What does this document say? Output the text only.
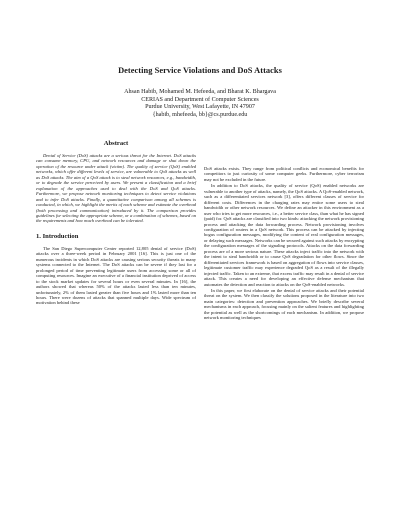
Detecting Service Violations and DoS Attacks
Ahsan Habib, Mohamed M. Hefeeda, and Bharat K. Bhargava
CERIAS and Department of Computer Sciences
Purdue University, West Lafayette, IN 47907
{habib, mhefeeda, bb}@cs.purdue.edu
Abstract

Denial of Service (DoS) attacks are a serious threat for the Internet. DoS attacks can consume memory, CPU, and network resources and damage or shut down the operation of the resource under attack (victim). The quality of service (QoS) enabled networks, which offer different levels of service, are vulnerable to QoS attacks as well as DoS attacks. The aim of a QoS attack is to steal network resources, e.g., bandwidth, or to degrade the service perceived by users. We present a classification and a brief explanation of the approaches used to deal with the DoS and QoS attacks. Furthermore, we propose network monitoring techniques to detect service violations and to infer DoS attacks. Finally, a quantitative comparison among all schemes is conducted, in which, we highlight the merits of each scheme and estimate the overhead (both processing and communication) introduced by it. The comparison provides guidelines for selecting the appropriate scheme, or a combination of schemes, based on the requirements and how much overhead can be tolerated.

1. Introduction

The San Diego Supercomputer Center reported 12,805 denial of service (DoS) attacks over a three-week period in February 2001 [16]. This is just one of the numerous incidents in which DoS attacks are causing serious security threats to many systems connected to the Internet. The DoS attacks can be severe if they last for a prolonged period of time preventing legitimate users from accessing some or all of computing resources. Imagine an executive of a financial institution deprived of access to the stock market updates for several hours or even several minutes. In [16], the authors showed that whereas 50% of the attacks lasted less than ten minutes, unfortunately, 2% of them lasted greater than five hours and 1% lasted more than ten hours. There were dozens of attacks that spanned multiple days. Wide spectrum of motivation behind these

DoS attacks exists. They range from political conflicts and economical benefits for competitors to just curiosity of some computer geeks. Furthermore, cyber terrorism may not be excluded in the future.

In addition to DoS attacks, the quality of service (QoS) enabled networks are vulnerable to another type of attacks, namely, the QoS attacks. A QoS-enabled network, such as a differentiated services network [3], offers different classes of service for different costs. Differences in the charging rates may entice some users to steal bandwidth or other network resources. We define an attacker in this environment as a user who tries to get more resources, i.e., a better service class, than what he has signed (paid) for. QoS attacks are classified into two kinds: attacking the network provisioning process and attacking the data forwarding process. Network provisioning involves configuration of routers in a QoS network. This process can be attacked by injecting bogus configuration messages, modifying the content of real configuration messages, or delaying such messages. Networks can be secured against such attacks by encrypting the configuration messages of the signaling protocols. Attacks on the data forwarding process are of a more serious nature. These attacks inject traffic into the network with the intent to steal bandwidth or to cause QoS degradation for other flows. Since the differentiated services framework is based on aggregation of flows into service classes, legitimate customer traffic may experience degraded QoS as a result of the illegally injected traffic. Taken to an extreme, that excess traffic may result in a denial of service attack. This creates a need for developing an effective defense mechanism that automates the detection and reaction to attacks on the QoS-enabled networks.

In this paper, we first elaborate on the denial of service attacks and their potential threat on the system. We then classify the solutions proposed in the literature into two main categories: detection and prevention approaches. We briefly describe several mechanisms in each approach, focusing mainly on the salient features and highlighting the potential as well as the shortcomings of each mechanism. In addition, we propose network monitoring techniques
